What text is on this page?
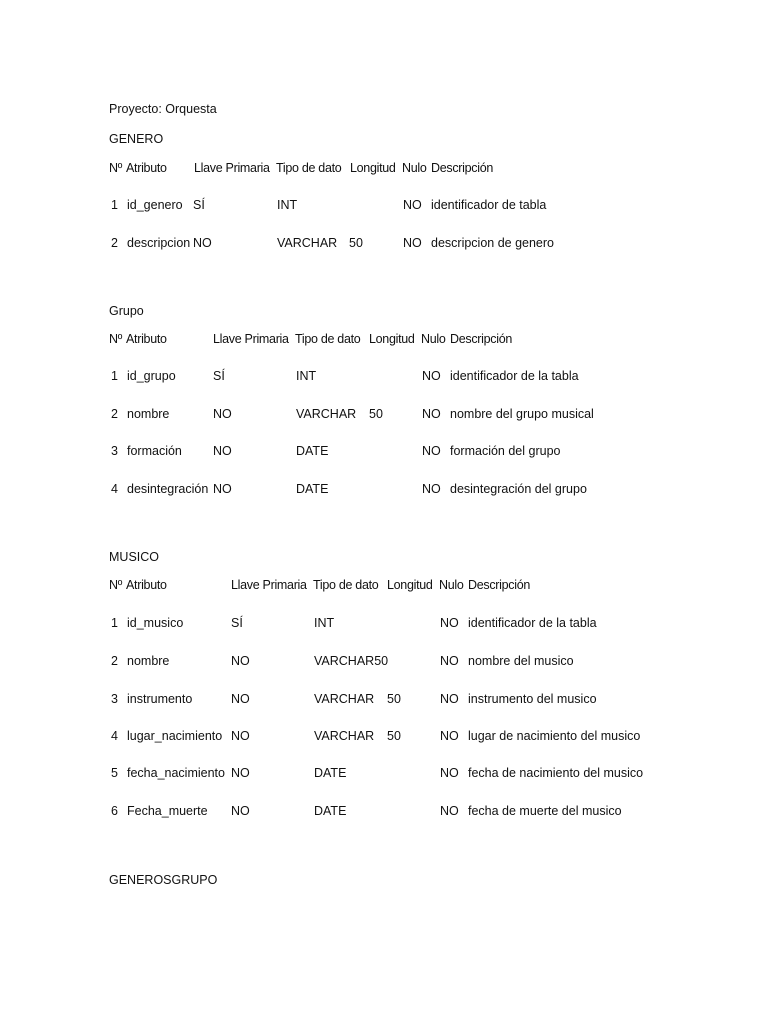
Proyecto: Orquesta
GENERO
Nº Atributo Llave Primaria Tipo de dato Longitud Nulo Descripción
1 id_genero SÍ	INT	NO identificador de tabla
2 descripcion NO	VARCHAR 50	NO descripcion de genero
Grupo
Nº Atributo	Llave Primaria Tipo de dato Longitud Nulo Descripción
1 id_grupo	SÍ	INT	NO identificador de la tabla
2 nombre	NO	VARCHAR 50	NO nombre del grupo musical
3 formación NO	DATE	NO formación del grupo
4 desintegración NO	DATE	NO desintegración del grupo
MUSICO
Nº Atributo	Llave Primaria Tipo de dato Longitud Nulo Descripción
1 id_musico	SÍ	INT	NO identificador de la tabla
2 nombre	NO	VARCHAR50	NO nombre del musico
3 instrumento	NO	VARCHAR 50	NO instrumento del musico
4 lugar_nacimiento NO	VARCHAR 50	NO lugar de nacimiento del musico
5 fecha_nacimiento NO	DATE	NO fecha de nacimiento del musico
6 Fecha_muerte NO	DATE	NO fecha de muerte del musico
GENEROSGRUPO
